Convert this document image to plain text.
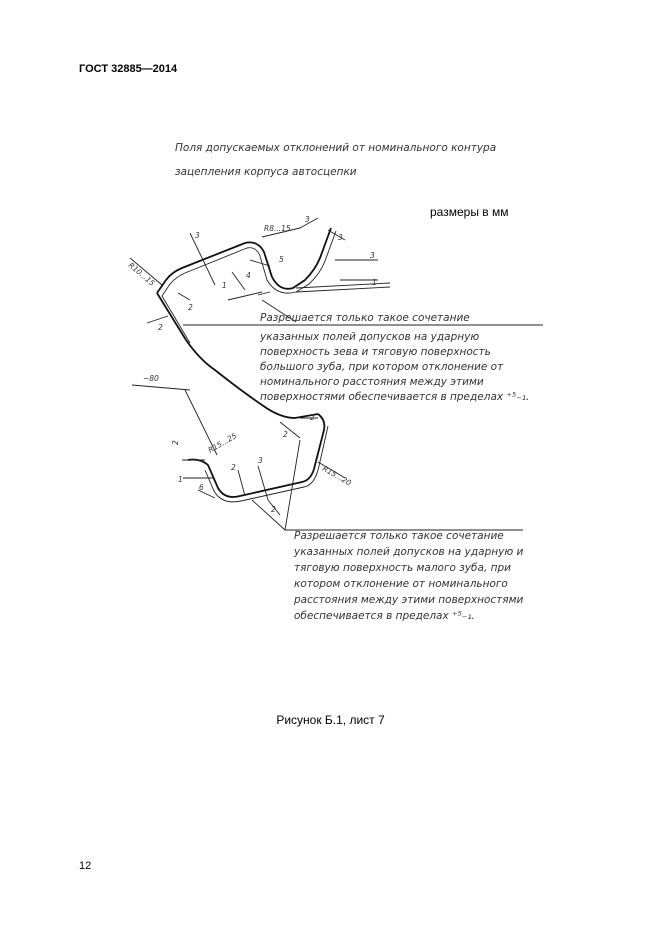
ГОСТ 32885—2014
Поля допускаемых отклонений от номинального контура
зацепления корпуса автосцепки
R10...15
R8...15
3
3
3
3
1	1
4
5
2
2
~80
2	R15...25
1
6
2
3
2
2
2
R15...20
Разрешается только такое сочетание
указанных полей допусков на ударную
поверхность зева и тяговую поверхность
большого зуба, при котором отклонение от
номинального расстояния между этими
поверхностями обеспечивается в пределах ⁺⁵₋₁.
Разрешается только такое сочетание
указанных полей допусков на ударную и
тяговую поверхность малого зуба, при
котором отклонение от номинального
расстояния между этими поверхностями
обеспечивается в пределах ⁺⁵₋₁.
размеры в мм
Рисунок Б.1, лист 7
12
